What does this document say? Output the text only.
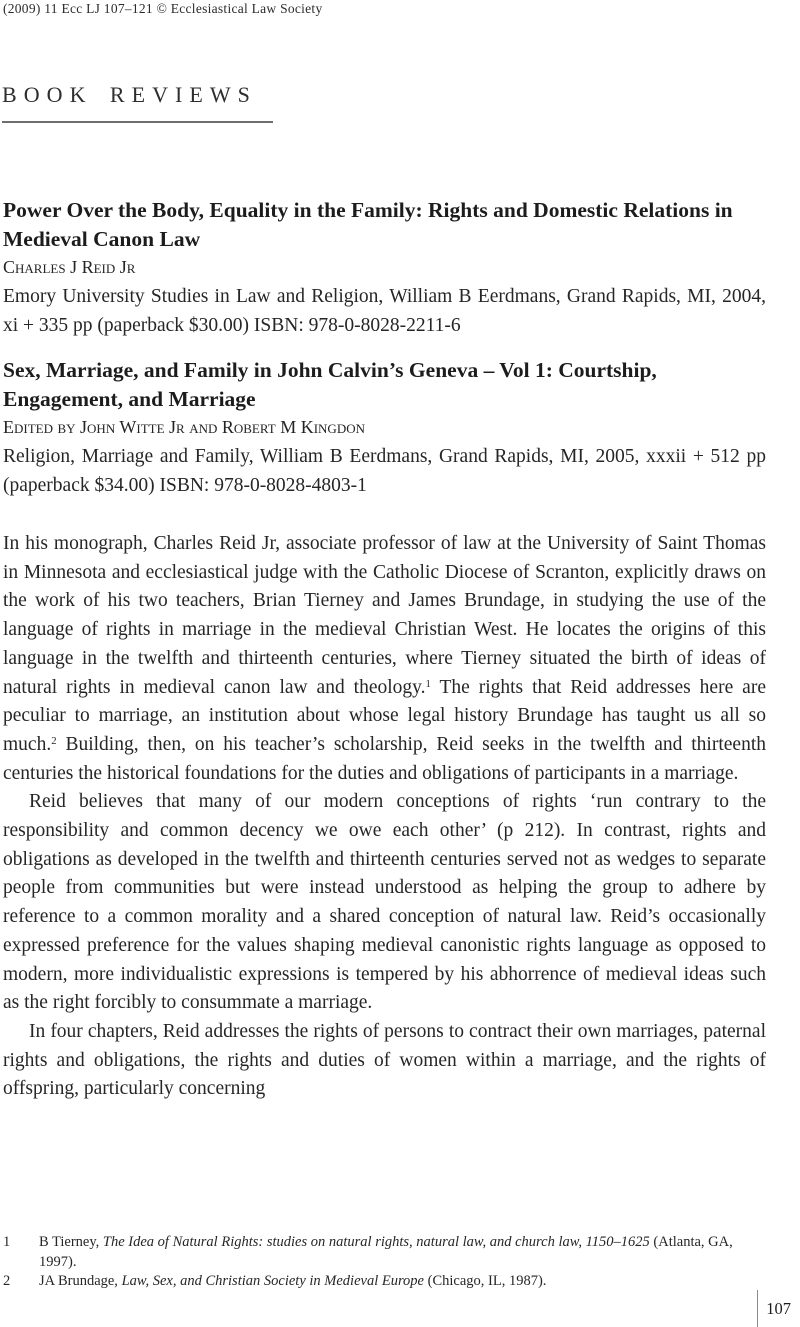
(2009) 11 Ecc LJ 107–121 © Ecclesiastical Law Society
BOOK REVIEWS
Power Over the Body, Equality in the Family: Rights and Domestic Relations in Medieval Canon Law
Charles J Reid Jr

Emory University Studies in Law and Religion, William B Eerdmans, Grand Rapids, MI, 2004, xi + 335 pp (paperback $30.00) ISBN: 978-0-8028-2211-6

Sex, Marriage, and Family in John Calvin’s Geneva – Vol 1: Courtship, Engagement, and Marriage
Edited by John Witte Jr and Robert M Kingdon

Religion, Marriage and Family, William B Eerdmans, Grand Rapids, MI, 2005, xxxii + 512 pp (paperback $34.00) ISBN: 978-0-8028-4803-1

In his monograph, Charles Reid Jr, associate professor of law at the University of Saint Thomas in Minnesota and ecclesiastical judge with the Catholic Diocese of Scranton, explicitly draws on the work of his two teachers, Brian Tierney and James Brundage, in studying the use of the language of rights in marriage in the medieval Christian West. He locates the origins of this language in the twelfth and thirteenth centuries, where Tierney situated the birth of ideas of natural rights in medieval canon law and theology.$^1$ The rights that Reid addresses here are peculiar to marriage, an institution about whose legal history Brundage has taught us all so much.$^2$ Building, then, on his teacher’s scholarship, Reid seeks in the twelfth and thirteenth centuries the historical foundations for the duties and obligations of participants in a marriage.

Reid believes that many of our modern conceptions of rights ‘run contrary to the responsibility and common decency we owe each other’ (p 212). In contrast, rights and obligations as developed in the twelfth and thirteenth centuries served not as wedges to separate people from communities but were instead understood as helping the group to adhere by reference to a common morality and a shared conception of natural law. Reid’s occasionally expressed preference for the values shaping medieval canonistic rights language as opposed to modern, more individualistic expressions is tempered by his abhorrence of medieval ideas such as the right forcibly to consummate a marriage.

In four chapters, Reid addresses the rights of persons to contract their own marriages, paternal rights and obligations, the rights and duties of women within a marriage, and the rights of offspring, particularly concerning

1	B Tierney, The Idea of Natural Rights: studies on natural rights, natural law, and church law, 1150–1625 (Atlanta, GA, 1997).
2	JA Brundage, Law, Sex, and Christian Society in Medieval Europe (Chicago, IL, 1987).
107
